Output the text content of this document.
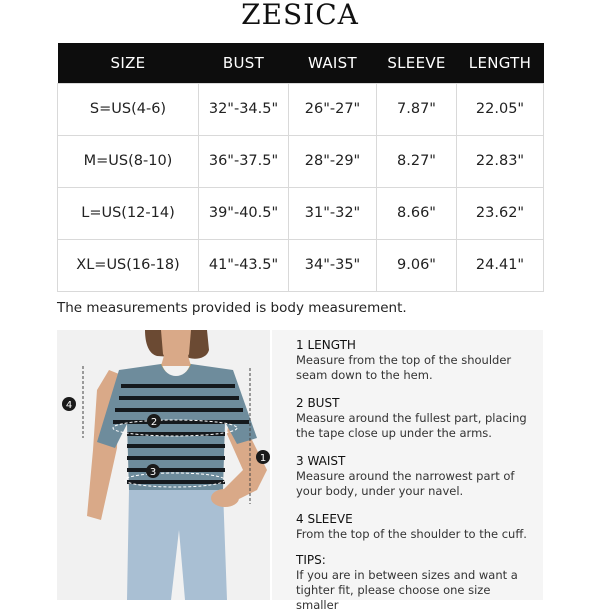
ZESICA
SIZE	BUST	WAIST	SLEEVE	LENGTH
S=US(4-6)	32"-34.5"	26"-27"	7.87"	22.05"
M=US(8-10)	36"-37.5"	28"-29"	8.27"	22.83"
L=US(12-14)	39"-40.5"	31"-32"	8.66"	23.62"
XL=US(16-18)	41"-43.5"	34"-35"	9.06"	24.41"
The measurements provided is body measurement.
4
2
3
1
1 LENGTH
Measure from the top of the shoulder seam down to the hem.
2 BUST
Measure around the fullest part, placing the tape close up under the arms.
3 WAIST
Measure around the narrowest part of your body, under your navel.
4 SLEEVE
From the top of the shoulder to the cuff.
TIPS:
If you are in between sizes and want a tighter fit, please choose one size smaller
